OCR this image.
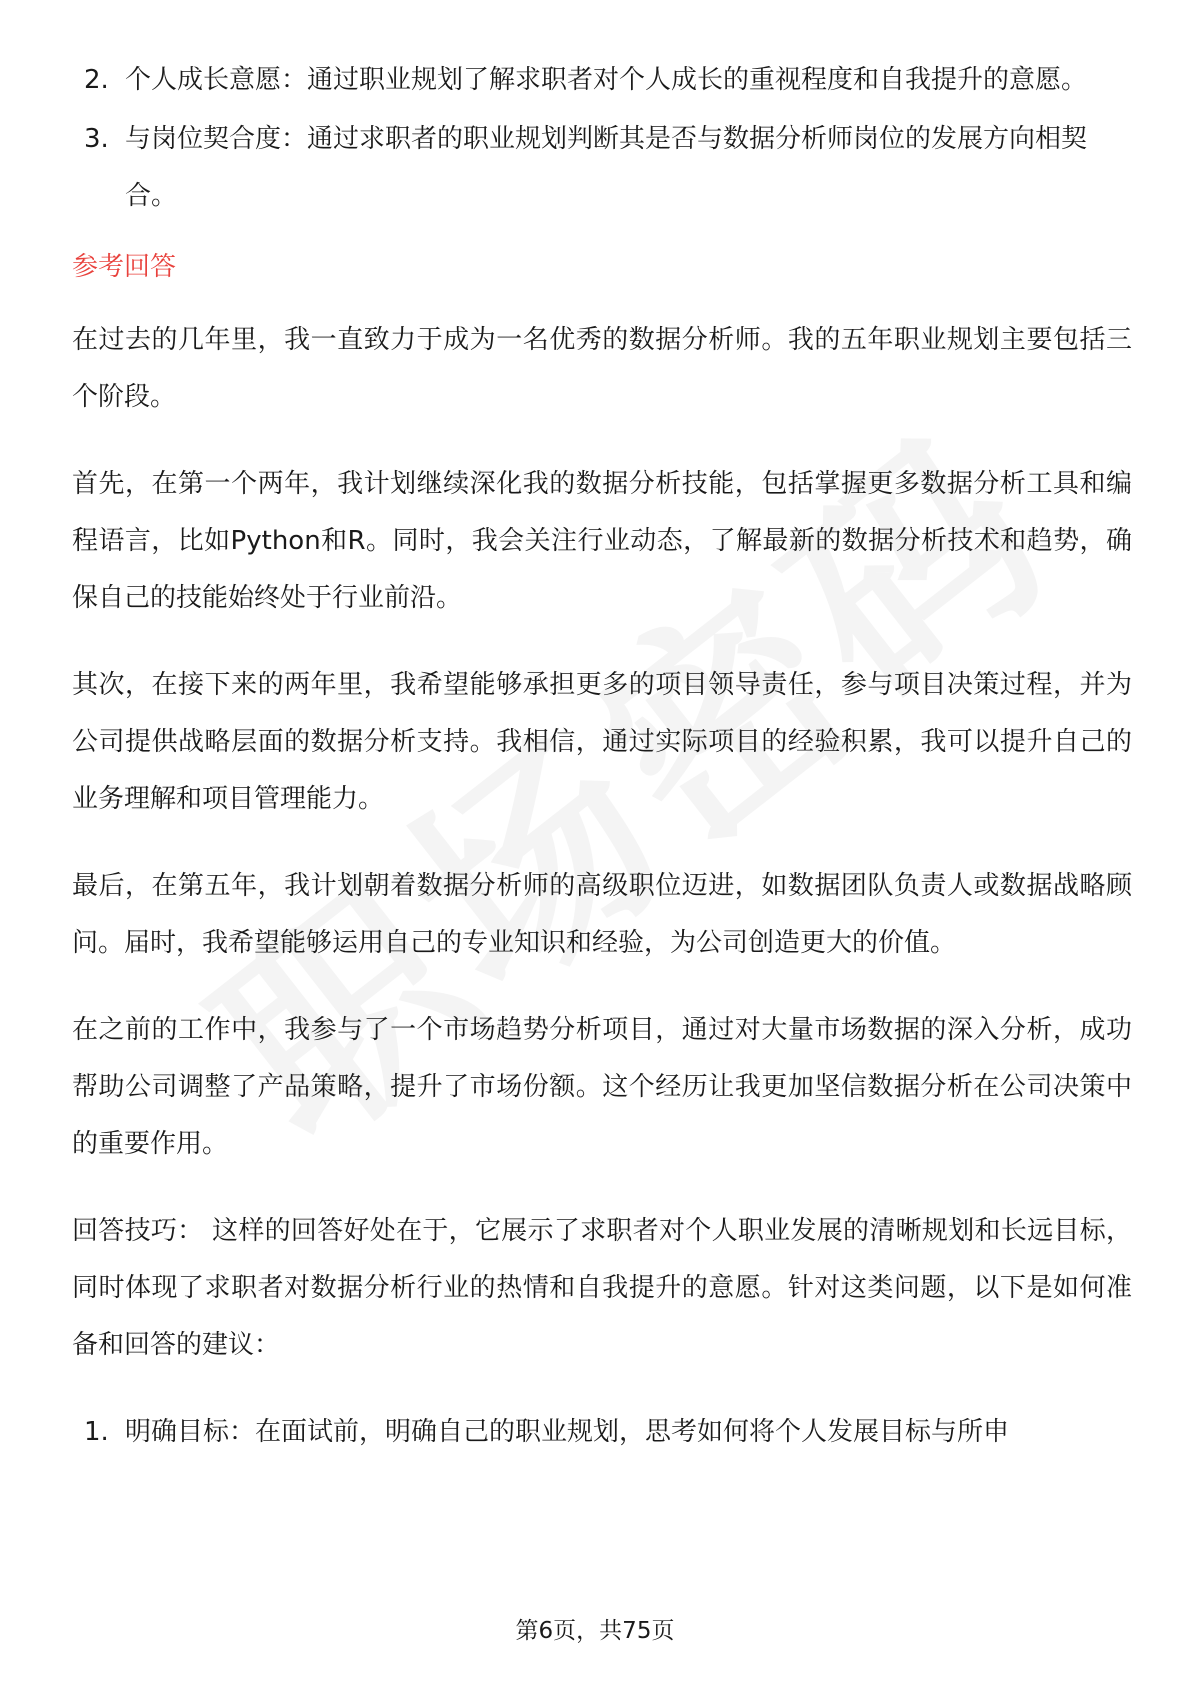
2. 个人成长意愿：通过职业规划了解求职者对个人成长的重视程度和自我提升的意愿。
3. 与岗位契合度：通过求职者的职业规划判断其是否与数据分析师岗位的发展方向相契合。
参考回答

在过去的几年里，我一直致力于成为一名优秀的数据分析师。我的五年职业规划主要包括三个阶段。

首先，在第一个两年，我计划继续深化我的数据分析技能，包括掌握更多数据分析工具和编程语言，比如Python和R。同时，我会关注行业动态，了解最新的数据分析技术和趋势，确保自己的技能始终处于行业前沿。

其次，在接下来的两年里，我希望能够承担更多的项目领导责任，参与项目决策过程，并为公司提供战略层面的数据分析支持。我相信，通过实际项目的经验积累，我可以提升自己的业务理解和项目管理能力。

最后，在第五年，我计划朝着数据分析师的高级职位迈进，如数据团队负责人或数据战略顾问。届时，我希望能够运用自己的专业知识和经验，为公司创造更大的价值。

在之前的工作中，我参与了一个市场趋势分析项目，通过对大量市场数据的深入分析，成功帮助公司调整了产品策略，提升了市场份额。这个经历让我更加坚信数据分析在公司决策中的重要作用。

回答技巧： 这样的回答好处在于，它展示了求职者对个人职业发展的清晰规划和长远目标，同时体现了求职者对数据分析行业的热情和自我提升的意愿。针对这类问题，以下是如何准备和回答的建议：

1. 明确目标：在面试前，明确自己的职业规划，思考如何将个人发展目标与所申
第6页，共75页
